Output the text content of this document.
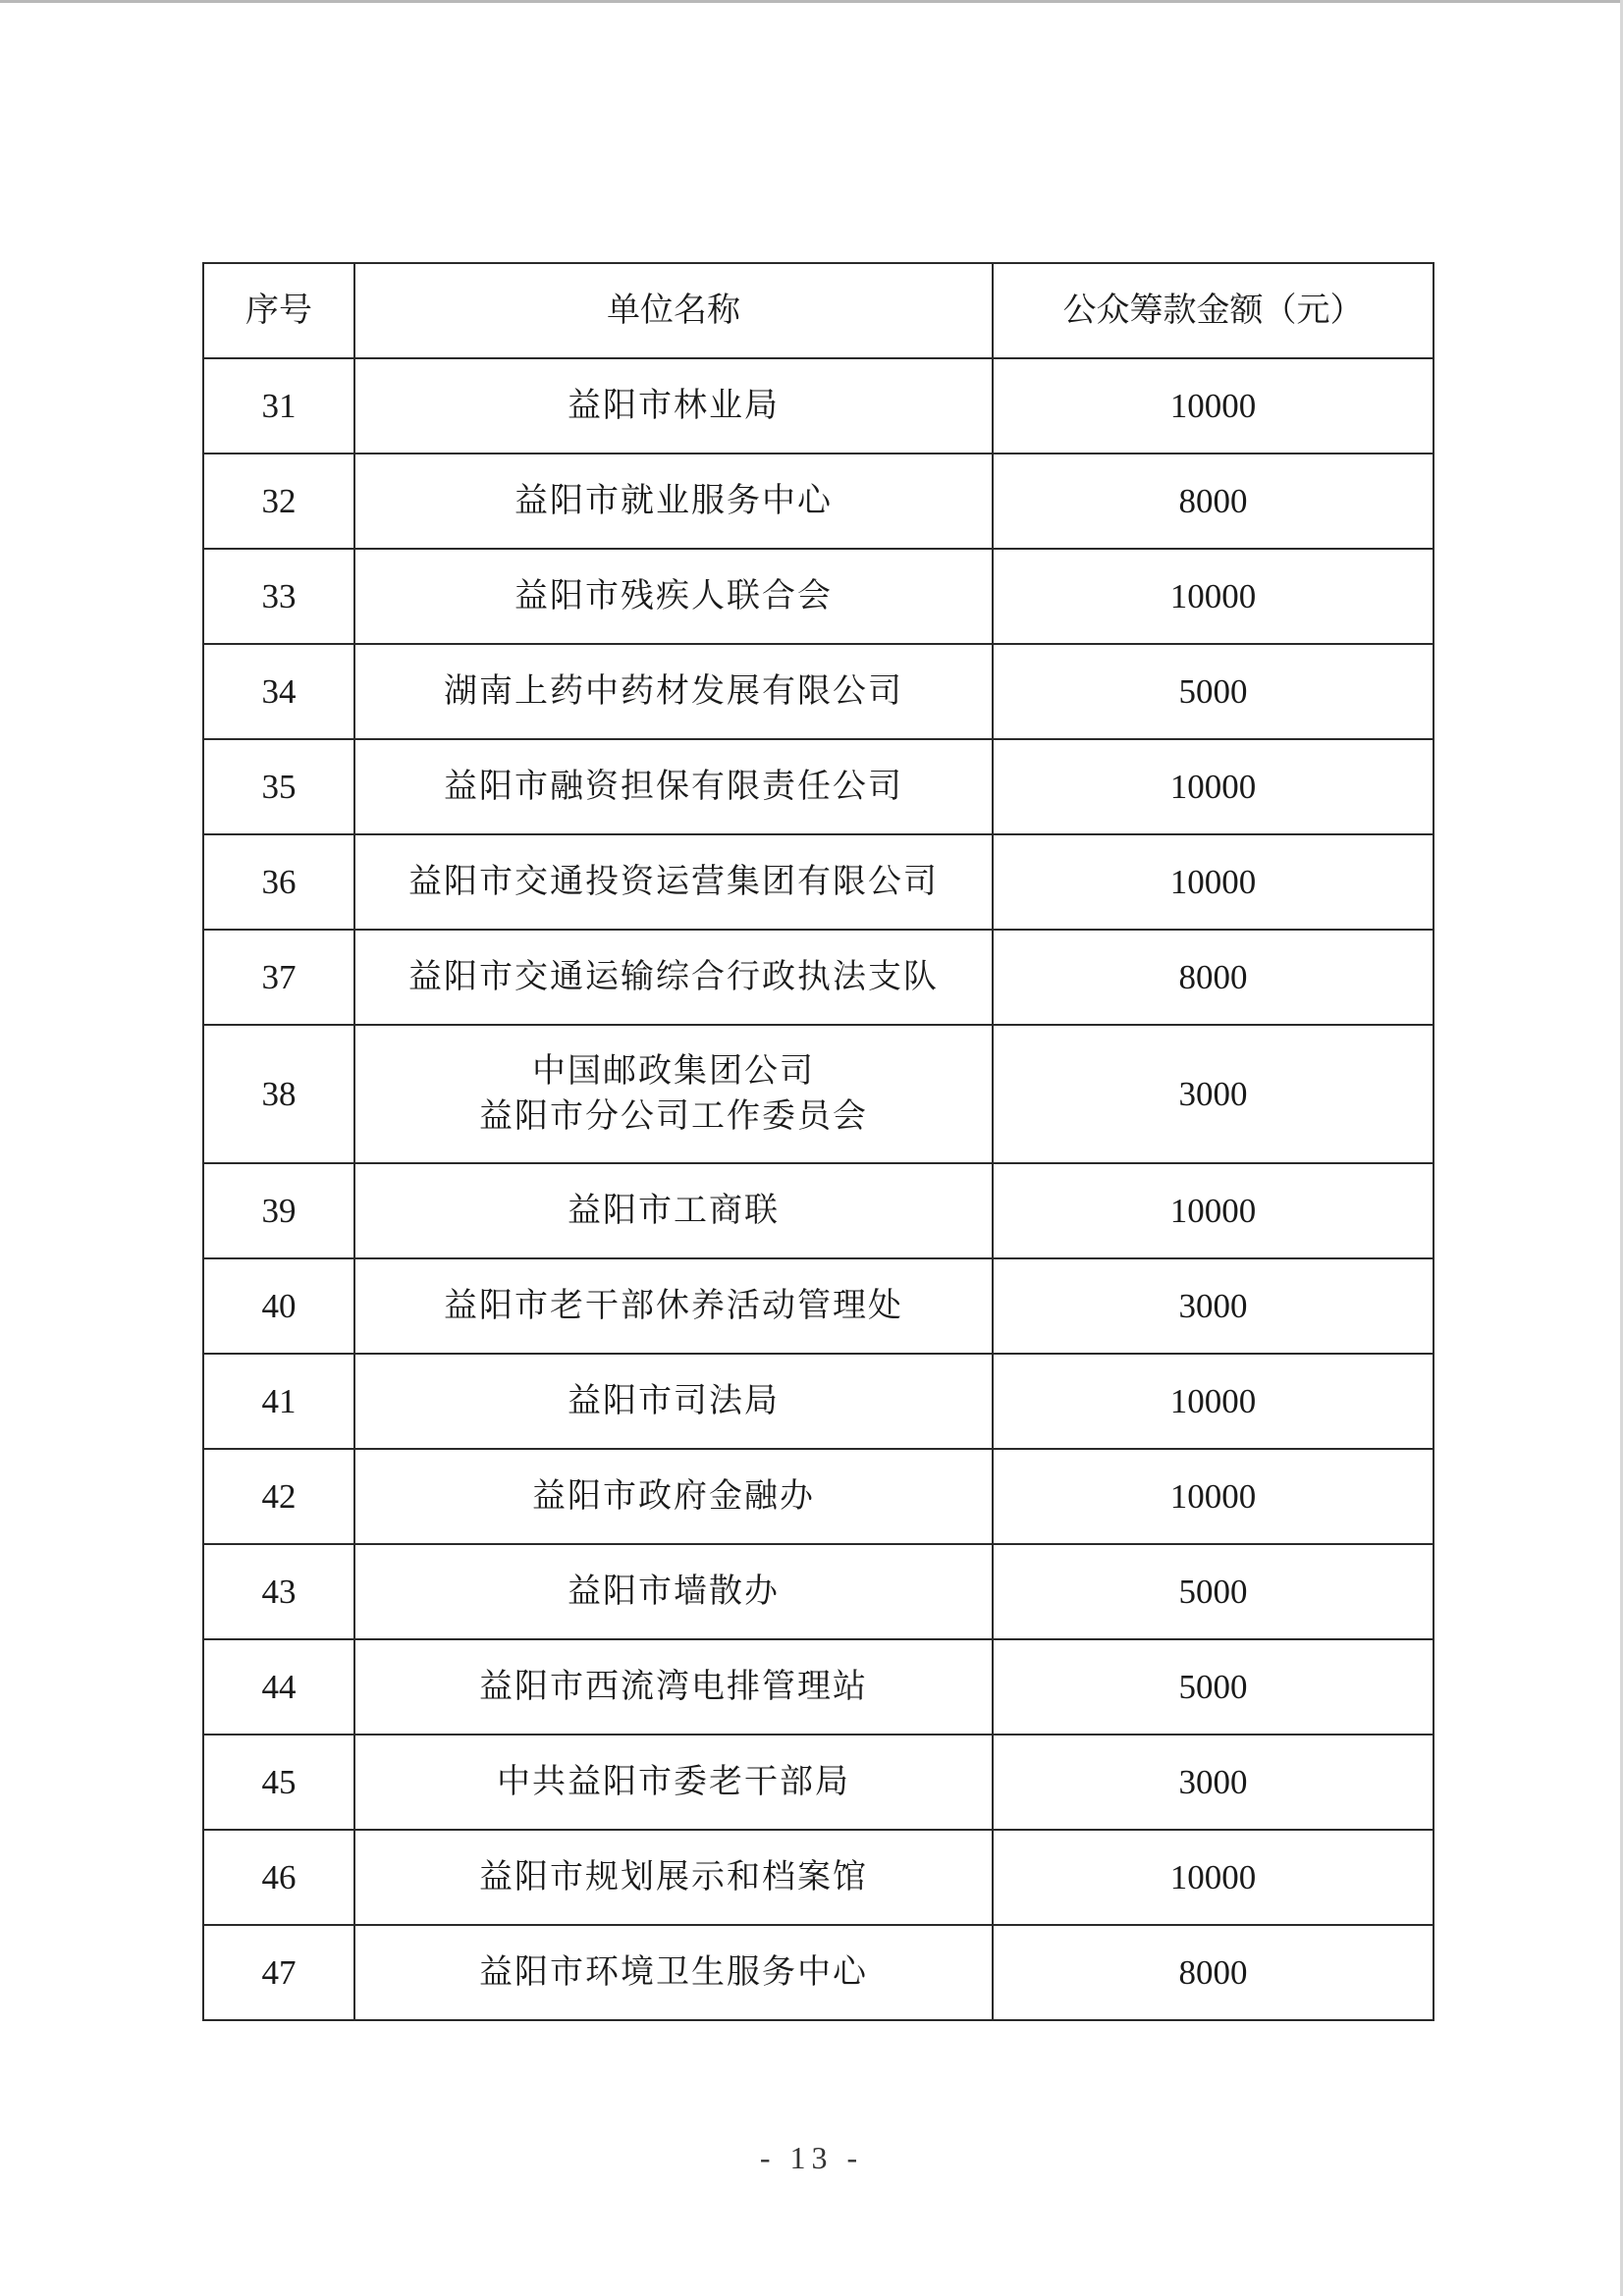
序号	单位名称	公众筹款金额（元）
31	益阳市林业局	10000
32	益阳市就业服务中心	8000
33	益阳市残疾人联合会	10000
34	湖南上药中药材发展有限公司	5000
35	益阳市融资担保有限责任公司	10000
36	益阳市交通投资运营集团有限公司	10000
37	益阳市交通运输综合行政执法支队	8000
38	中国邮政集团公司
益阳市分公司工作委员会	3000
39	益阳市工商联	10000
40	益阳市老干部休养活动管理处	3000
41	益阳市司法局	10000
42	益阳市政府金融办	10000
43	益阳市墙散办	5000
44	益阳市西流湾电排管理站	5000
45	中共益阳市委老干部局	3000
46	益阳市规划展示和档案馆	10000
47	益阳市环境卫生服务中心	8000
- 13 -
